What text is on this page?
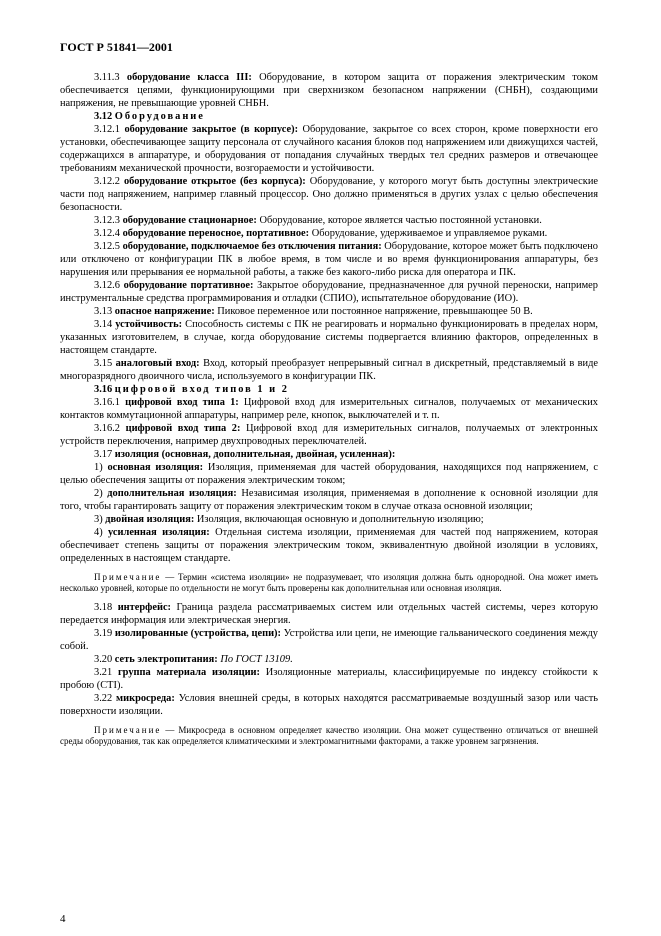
ГОСТ Р 51841—2001

3.11.3 оборудование класса III: Оборудование, в котором защита от поражения электрическим током обеспечивается цепями, функционирующими при сверхнизком безопасном напряжении (СНБН), создающими напряжения, не превышающие уровней СНБН.

3.12 Оборудование

3.12.1 оборудование закрытое (в корпусе): Оборудование, закрытое со всех сторон, кроме поверхности его установки, обеспечивающее защиту персонала от случайного касания блоков под напряжением или движущихся частей, содержащихся в аппаратуре, и оборудования от попадания случайных твердых тел средних размеров и отвечающее требованиям механической прочности, возгораемости и устойчивости.

3.12.2 оборудование открытое (без корпуса): Оборудование, у которого могут быть доступны электрические части под напряжением, например главный процессор. Оно должно применяться в других узлах с целью обеспечения безопасности.

3.12.3 оборудование стационарное: Оборудование, которое является частью постоянной установки.

3.12.4 оборудование переносное, портативное: Оборудование, удерживаемое и управляемое руками.

3.12.5 оборудование, подключаемое без отключения питания: Оборудование, которое может быть подключено или отключено от конфигурации ПК в любое время, в том числе и во время функционирования аппаратуры, без нарушения или прерывания ее нормальной работы, а также без какого-либо риска для оператора и ПК.

3.12.6 оборудование портативное: Закрытое оборудование, предназначенное для ручной переноски, например инструментальные средства программирования и отладки (СПИО), испытательное оборудование (ИО).

3.13 опасное напряжение: Пиковое переменное или постоянное напряжение, превышающее 50 В.

3.14 устойчивость: Способность системы с ПК не реагировать и нормально функционировать в пределах норм, указанных изготовителем, в случае, когда оборудование системы подвергается влиянию факторов, определенных в настоящем стандарте.

3.15 аналоговый вход: Вход, который преобразует непрерывный сигнал в дискретный, представляемый в виде многоразрядного двоичного числа, используемого в конфигурации ПК.

3.16 цифровой вход типов 1 и 2

3.16.1 цифровой вход типа 1: Цифровой вход для измерительных сигналов, получаемых от механических контактов коммутационной аппаратуры, например реле, кнопок, выключателей и т. п.

3.16.2 цифровой вход типа 2: Цифровой вход для измерительных сигналов, получаемых от электронных устройств переключения, например двухпроводных переключателей.

3.17 изоляция (основная, дополнительная, двойная, усиленная):

1) основная изоляция: Изоляция, применяемая для частей оборудования, находящихся под напряжением, с целью обеспечения защиты от поражения электрическим током;

2) дополнительная изоляция: Независимая изоляция, применяемая в дополнение к основной изоляции для того, чтобы гарантировать защиту от поражения электрическим током в случае отказа основной изоляции;

3) двойная изоляция: Изоляция, включающая основную и дополнительную изоляцию;

4) усиленная изоляция: Отдельная система изоляции, применяемая для частей под напряжением, которая обеспечивает степень защиты от поражения электрическим током, эквивалентную двойной изоляции в условиях, определенных в настоящем стандарте.

Примечание — Термин «система изоляции» не подразумевает, что изоляция должна быть однородной. Она может иметь несколько уровней, которые по отдельности не могут быть проверены как дополнительная или основная изоляция.

3.18 интерфейс: Граница раздела рассматриваемых систем или отдельных частей системы, через которую передается информация или электрическая энергия.

3.19 изолированные (устройства, цепи): Устройства или цепи, не имеющие гальванического соединения между собой.

3.20 сеть электропитания: По ГОСТ 13109.

3.21 группа материала изоляции: Изоляционные материалы, классифицируемые по индексу стойкости к пробою (CTI).

3.22 микросреда: Условия внешней среды, в которых находятся рассматриваемые воздушный зазор или часть поверхности изоляции.

Примечание — Микросреда в основном определяет качество изоляции. Она может существенно отличаться от внешней среды оборудования, так как определяется климатическими и электромагнитными факторами, а также уровнем загрязнения.

4
